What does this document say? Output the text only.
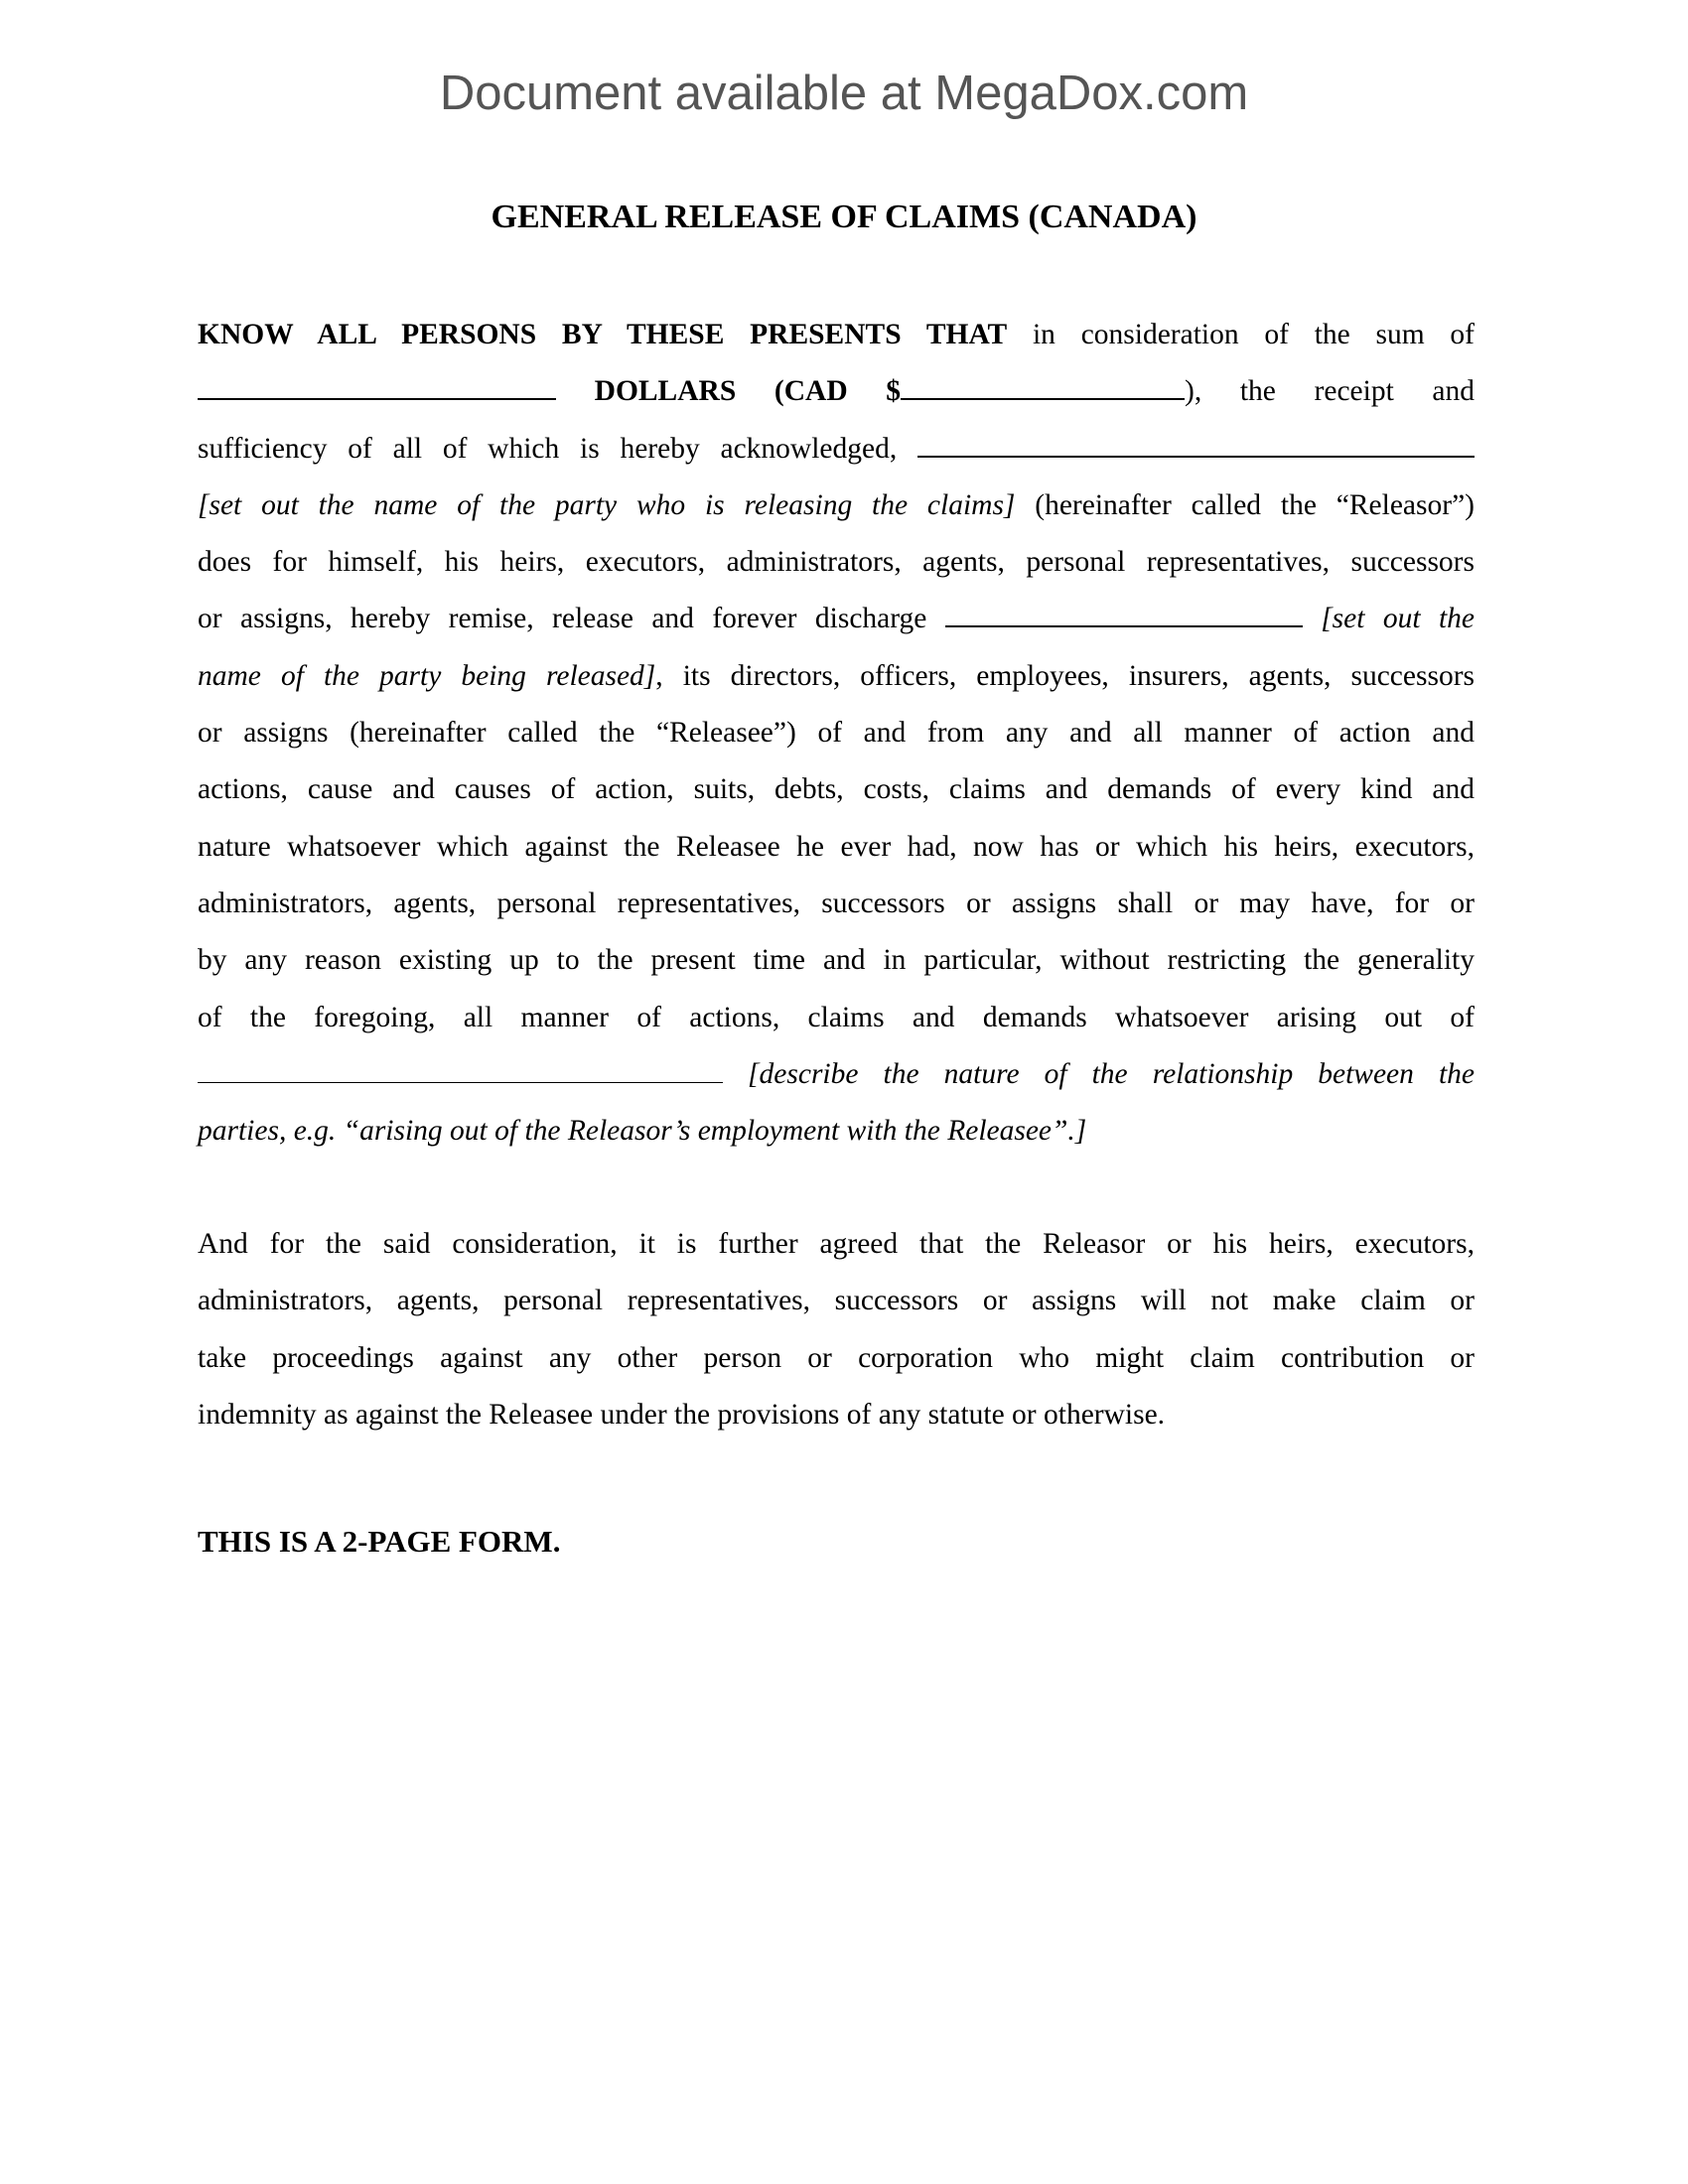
Document available at MegaDox.com
GENERAL RELEASE OF CLAIMS (CANADA)
KNOW ALL PERSONS BY THESE PRESENTS THAT in consideration of the sum of
DOLLARS (CAD $	), the receipt and
sufficiency of all of which is hereby acknowledged,
[set out the name of the party who is releasing the claims] (hereinafter called the “Releasor”)
does for himself, his heirs, executors, administrators, agents, personal representatives, successors
or assigns, hereby remise, release and forever discharge	[set out the
name of the party being released], its directors, officers, employees, insurers, agents, successors
or assigns (hereinafter called the “Releasee”) of and from any and all manner of action and
actions, cause and causes of action, suits, debts, costs, claims and demands of every kind and
nature whatsoever which against the Releasee he ever had, now has or which his heirs, executors,
administrators, agents, personal representatives, successors or assigns shall or may have, for or
by any reason existing up to the present time and in particular, without restricting the generality
of the foregoing, all manner of actions, claims and demands whatsoever arising out of
[describe the nature of the relationship between the
parties, e.g. “arising out of the Releasor’s employment with the Releasee”.]
And for the said consideration, it is further agreed that the Releasor or his heirs, executors,
administrators, agents, personal representatives, successors or assigns will not make claim or
take proceedings against any other person or corporation who might claim contribution or
indemnity as against the Releasee under the provisions of any statute or otherwise.
THIS IS A 2-PAGE FORM.
